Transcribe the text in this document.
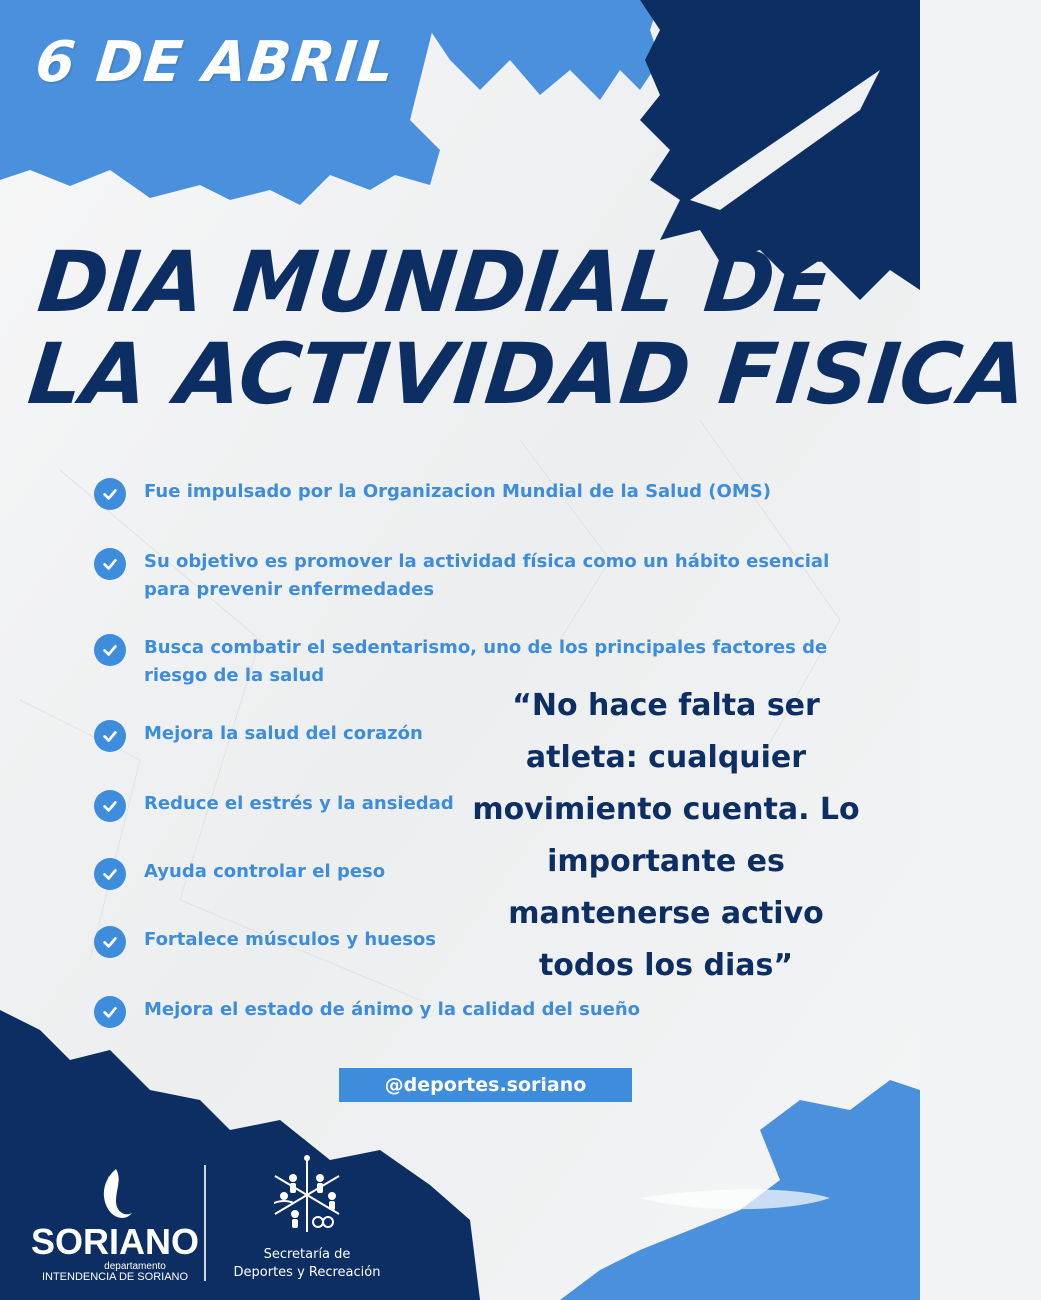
6 DE ABRIL
DIA MUNDIAL DE
LA ACTIVIDAD FISICA
Fue impulsado por la Organizacion Mundial de la Salud (OMS)
Su objetivo es promover la actividad física como un hábito esencial
para prevenir enfermedades
Busca combatir el sedentarismo, uno de los principales factores de
riesgo de la salud
Mejora la salud del corazón
Reduce el estrés y la ansiedad
Ayuda controlar el peso
Fortalece músculos y huesos
Mejora el estado de ánimo y la calidad del sueño
“No hace falta ser
atleta: cualquier
movimiento cuenta. Lo
importante es
mantenerse activo
todos los dias”
@deportes.soriano
SORIANO
departamento
INTENDENCIA DE SORIANO
Secretaría de
Deportes y Recreación
